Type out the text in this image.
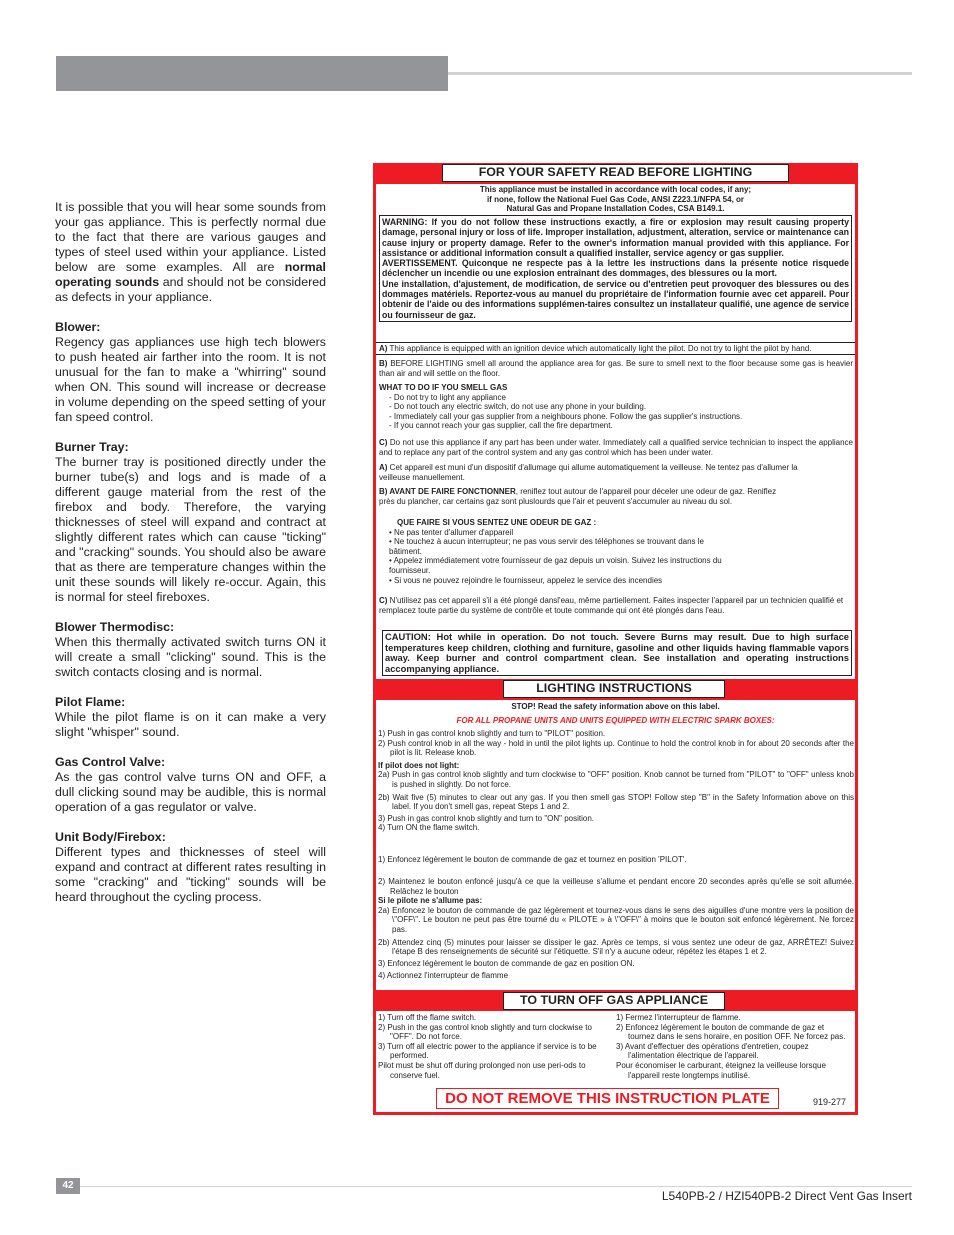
It is possible that you will hear some sounds from your gas appliance. This is perfectly normal due to the fact that there are various gauges and types of steel used within your appliance. Listed below are some examples. All are normal operating sounds and should not be considered as defects in your appliance.

Blower:
Regency gas appliances use high tech blowers to push heated air farther into the room. It is not unusual for the fan to make a "whirring" sound when ON. This sound will increase or decrease in volume depending on the speed setting of your fan speed control.
Burner Tray:
The burner tray is positioned directly under the burner tube(s) and logs and is made of a different gauge material from the rest of the firebox and body. Therefore, the varying thicknesses of steel will expand and contract at slightly different rates which can cause "ticking" and "cracking" sounds. You should also be aware that as there are temperature changes within the unit these sounds will likely re-occur. Again, this is normal for steel fireboxes.
Blower Thermodisc:
When this thermally activated switch turns ON it will create a small "clicking" sound. This is the switch contacts closing and is normal.
Pilot Flame:
While the pilot flame is on it can make a very slight "whisper" sound.
Gas Control Valve:
As the gas control valve turns ON and OFF, a dull clicking sound may be audible, this is normal operation of a gas regulator or valve.
Unit Body/Firebox:
Different types and thicknesses of steel will expand and contract at different rates resulting in some "cracking" and "ticking" sounds will be heard throughout the cycling process.
FOR YOUR SAFETY READ BEFORE LIGHTING
This appliance must be installed in accordance with local codes, if any;
if none, follow the National Fuel Gas Code, ANSI Z223.1/NFPA 54, or
Natural Gas and Propane Installation Codes, CSA B149.1.
WARNING: If you do not follow these instructions exactly, a fire or explosion may result causing property damage, personal injury or loss of life. Improper installation, adjustment, alteration, service or maintenance can cause injury or property damage. Refer to the owner's information manual provided with this appliance. For assistance or additional information consult a qualified installer, service agency or gas supplier.
AVERTISSEMENT. Quiconque ne respecte pas à la lettre les instructions dans la présente notice risquede déclencher un incendie ou une explosion entraînant des dommages, des blessures ou la mort.
Une installation, d'ajustement, de modification, de service ou d'entretien peut provoquer des blessures ou des dommages matériels. Reportez-vous au manuel du propriétaire de l'information fournie avec cet appareil. Pour obtenir de l'aide ou des informations supplémen-taires consultez un installateur qualifié, une agence de service ou fournisseur de gaz.
A) This appliance is equipped with an ignition device which automatically light the pilot. Do not try to light the pilot by hand.
B) BEFORE LIGHTING smell all around the appliance area for gas. Be sure to smell next to the floor because some gas is heavier than air and will settle on the floor.
WHAT TO DO IF YOU SMELL GAS
- Do not try to light any appliance
- Do not touch any electric switch, do not use any phone in your building.
- Immediately call your gas supplier from a neighbours phone. Follow the gas supplier's instructions.
- If you cannot reach your gas supplier, call the fire department.
C) Do not use this appliance if any part has been under water. Immediately call a qualified service technician to inspect the appliance and to replace any part of the control system and any gas control which has been under water.
A) Cet appareil est muni d'un dispositif d'allumage qui allume automatiquement la veilleuse. Ne tentez pas d'allumer la veilleuse manuellement.
B) AVANT DE FAIRE FONCTIONNER, reniflez tout autour de l'appareil pour déceler une odeur de gaz. Reniflez près du plancher, car certains gaz sont pluslourds que l'air et peuvent s'accumuler au niveau du sol.
QUE FAIRE SI VOUS SENTEZ UNE ODEUR DE GAZ :
• Ne pas tenter d'allumer d'appareil
• Ne touchez à aucun interrupteur; ne pas vous servir des téléphones se trouvant dans le bâtiment.
• Appelez immédiatement votre fournisseur de gaz depuis un voisin. Suivez les instructions du fournisseur.
• Si vous ne pouvez rejoindre le fournisseur, appelez le service des incendies
C) N'utilisez pas cet appareil s'il a été plongé dansl'eau, même partiellement. Faites inspecter l'appareil par un technicien qualifié et remplacez toute partie du système de contrôle et toute commande qui ont été plongés dans l'eau.
CAUTION: Hot while in operation. Do not touch. Severe Burns may result. Due to high surface temperatures keep children, clothing and furniture, gasoline and other liquids having flammable vapors away. Keep burner and control compartment clean. See installation and operating instructions accompanying appliance.
LIGHTING INSTRUCTIONS
STOP! Read the safety information above on this label.
FOR ALL PROPANE UNITS AND UNITS EQUIPPED WITH ELECTRIC SPARK BOXES:
1) Push in gas control knob slightly and turn to "PILOT" position.
2) Push control knob in all the way - hold in until the pilot lights up. Continue to hold the control knob in for about 20 seconds after the pilot is lit. Release knob.
If pilot does not light:
2a) Push in gas control knob slightly and turn clockwise to "OFF" position. Knob cannot be turned from "PILOT" to "OFF" unless knob is pushed in slightly. Do not force.
2b) Wait five (5) minutes to clear out any gas. If you then smell gas STOP! Follow step "B" in the Safety Information above on this label. If you don't smell gas, repeat Steps 1 and 2.
3) Push in gas control knob slightly and turn to "ON" position.
4) Turn ON the flame switch.
1) Enfoncez légèrement le bouton de commande de gaz et tournez en position 'PILOT'.
2) Maintenez le bouton enfoncé jusqu'à ce que la veilleuse s'allume et pendant encore 20 secondes après qu'elle se soit allumée. Relâchez le bouton
Si le pilote ne s'allume pas:
2a) Enfoncez le bouton de commande de gaz légèrement et tournez-vous dans le sens des aiguilles d'une montre vers la position de \"OFF\". Le bouton ne peut pas être tourné du « PILOTE » à \"OFF\" à moins que le bouton soit enfoncé légèrement. Ne forcez pas.
2b) Attendez cinq (5) minutes pour laisser se dissiper le gaz. Après ce temps, si vous sentez une odeur de gaz, ARRÊTEZ! Suivez l'étape B des renseignements de sécurité sur l'étiquette. S'il n'y a aucune odeur, répétez les étapes 1 et 2.
3) Enfoncez légèrement le bouton de commande de gaz en position ON.
4) Actionnez l'interrupteur de flamme
TO TURN OFF GAS APPLIANCE
1) Turn off the flame switch.
2) Push in the gas control knob slightly and turn clockwise to "OFF". Do not force.
3) Turn off all electric power to the appliance if service is to be performed.
Pilot must be shut off during prolonged non use peri-ods to conserve fuel.
1) Fermez l'interrupteur de flamme.
2) Enfoncez légèrement le bouton de commande de gaz et tournez dans le sens horaire, en position OFF. Ne forcez pas.
3) Avant d'effectuer des opérations d'entretien, coupez l'alimentation électrique de l'appareil.
Pour économiser le carburant, éteignez la veilleuse lorsque l'appareil reste longtemps inutilisé.
DO NOT REMOVE THIS INSTRUCTION PLATE	919-277
42
L540PB-2 / HZI540PB-2 Direct Vent Gas Insert
